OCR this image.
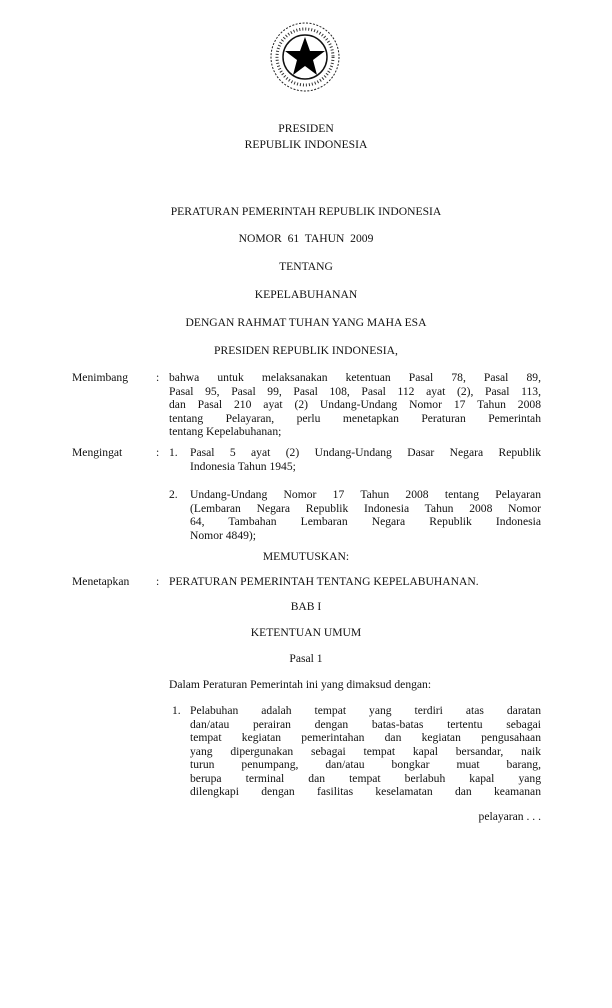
PRESIDEN
REPUBLIK INDONESIA
PERATURAN PEMERINTAH REPUBLIK INDONESIA
NOMOR  61  TAHUN  2009
TENTANG
KEPELABUHANAN
DENGAN RAHMAT TUHAN YANG MAHA ESA
PRESIDEN REPUBLIK INDONESIA,
Menimbang : bahwa untuk melaksanakan ketentuan Pasal 78, Pasal 89,
Pasal 95, Pasal 99, Pasal 108, Pasal 112 ayat (2), Pasal 113,
dan Pasal 210 ayat (2) Undang-Undang Nomor 17 Tahun 2008
tentang Pelayaran, perlu menetapkan Peraturan Pemerintah
tentang Kepelabuhanan;
Mengingat	: 1. Pasal 5 ayat (2) Undang-Undang Dasar Negara Republik
Indonesia Tahun 1945;
2. Undang-Undang Nomor 17 Tahun 2008 tentang Pelayaran
(Lembaran Negara Republik Indonesia Tahun 2008 Nomor
64, Tambahan Lembaran Negara Republik Indonesia
Nomor 4849);
MEMUTUSKAN:
Menetapkan : PERATURAN PEMERINTAH TENTANG KEPELABUHANAN.
BAB I
KETENTUAN UMUM
Pasal 1
Dalam Peraturan Pemerintah ini yang dimaksud dengan:
1. Pelabuhan adalah tempat yang terdiri atas daratan
dan/atau perairan dengan batas-batas tertentu sebagai
tempat kegiatan pemerintahan dan kegiatan pengusahaan
yang dipergunakan sebagai tempat kapal bersandar, naik
turun penumpang, dan/atau bongkar muat barang,
berupa terminal dan tempat berlabuh kapal yang
dilengkapi dengan fasilitas keselamatan dan keamanan
pelayaran . . .
